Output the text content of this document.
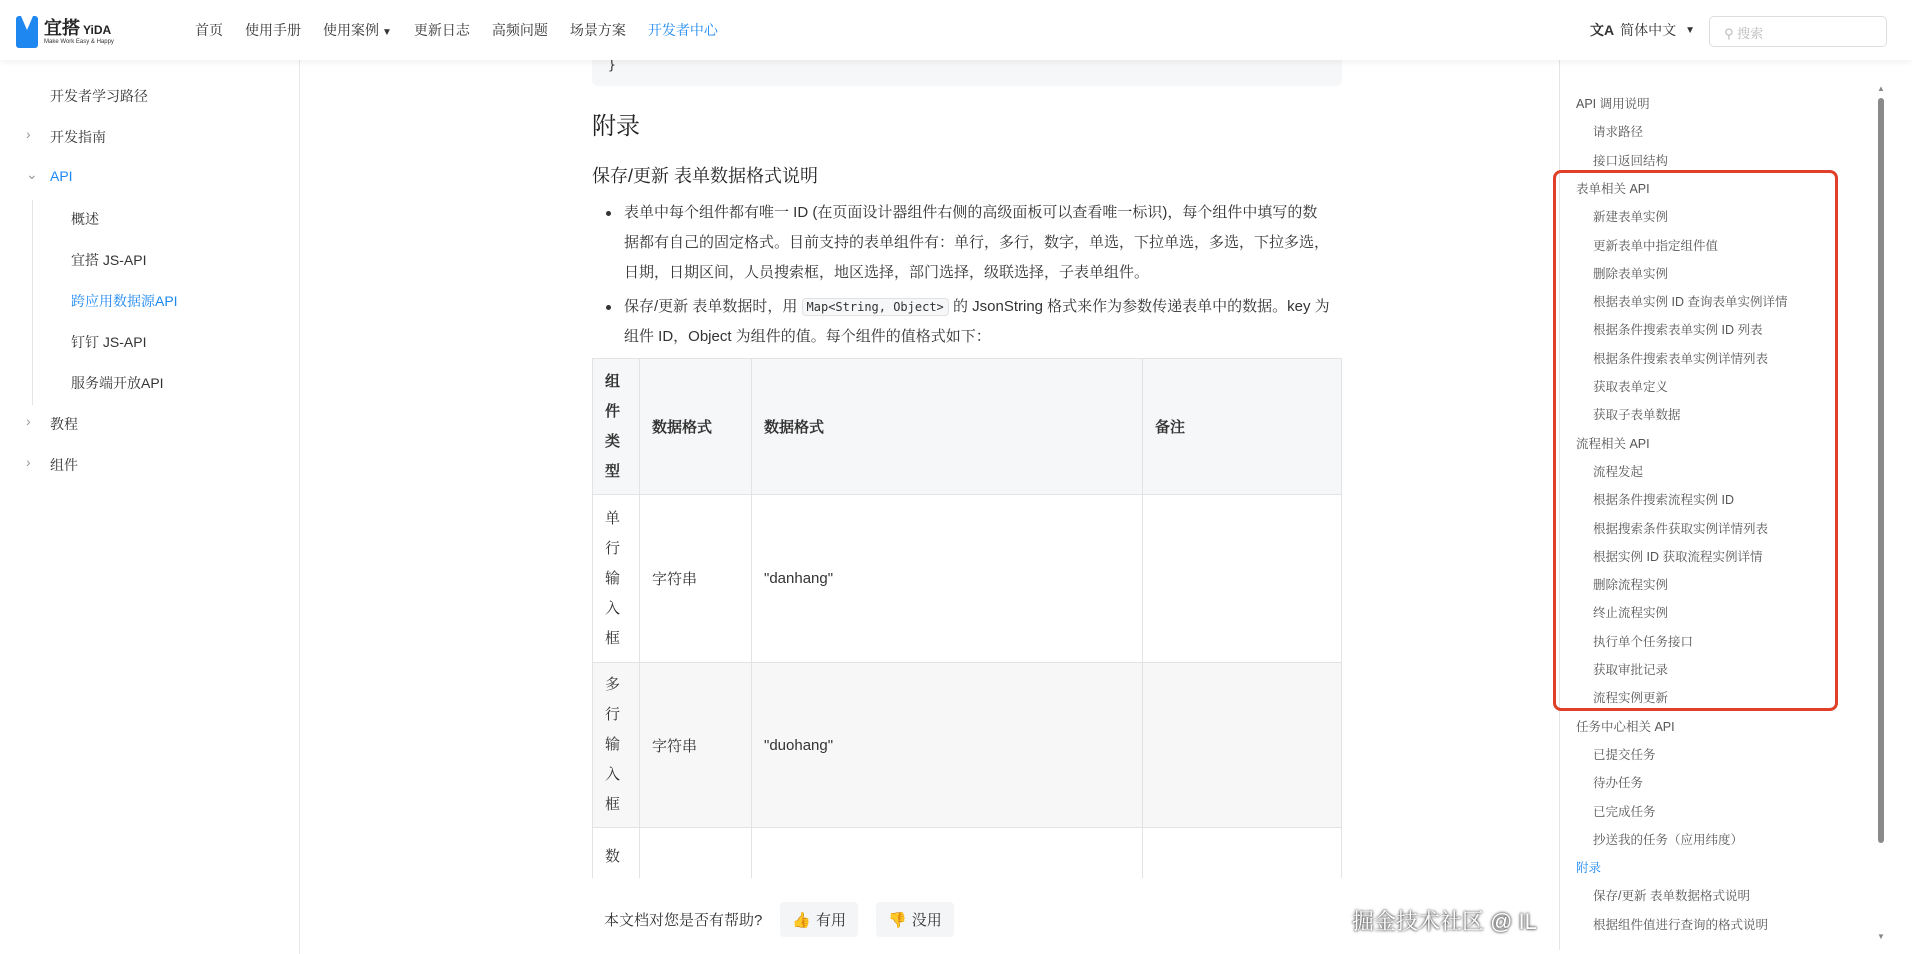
宜搭 YiDA
Make Work Easy & Happy
首页 使用手册 使用案例 ▼ 更新日志 高频问题 场景方案 开发者中心	文A 简体中文 ▼	⚲ 搜索
开发者学习路径
› 开发指南
⌄ API
概述
宜搭 JS-API
跨应用数据源API
钉钉 JS-API
服务端开放API
› 教程
› 组件
}
附录
保存/更新 表单数据格式说明
表单中每个组件都有唯一 ID (在页面设计器组件右侧的高级面板可以查看唯一标识)，每个组件中填写的数据都有自己的固定格式。目前支持的表单组件有：单行，多行，数字，单选，下拉单选，多选，下拉多选，日期，日期区间，人员搜索框，地区选择，部门选择，级联选择，子表单组件。
保存/更新 表单数据时，用 Map<String, Object> 的 JsonString 格式来作为参数传递表单中的数据。key 为组件 ID，Object 为组件的值。每个组件的值格式如下：
组件类型	数据格式	数据格式	备注

单行输入框	字符串	"danhang"	

多行输入框	字符串	"duohang"	

数			

本文档对您是否有帮助? 👍 有用	👎 没用
API 调用说明
请求路径
接口返回结构
表单相关 API
新建表单实例
更新表单中指定组件值
删除表单实例
根据表单实例 ID 查询表单实例详情
根据条件搜索表单实例 ID 列表
根据条件搜索表单实例详情列表
获取表单定义
获取子表单数据
流程相关 API
流程发起
根据条件搜索流程实例 ID
根据搜索条件获取实例详情列表
根据实例 ID 获取流程实例详情
删除流程实例
终止流程实例
执行单个任务接口
获取审批记录
流程实例更新
任务中心相关 API
已提交任务
待办任务
已完成任务
抄送我的任务（应用纬度）
附录
保存/更新 表单数据格式说明
根据组件值进行查询的格式说明
▲
▼
掘金技术社区 @ IL
